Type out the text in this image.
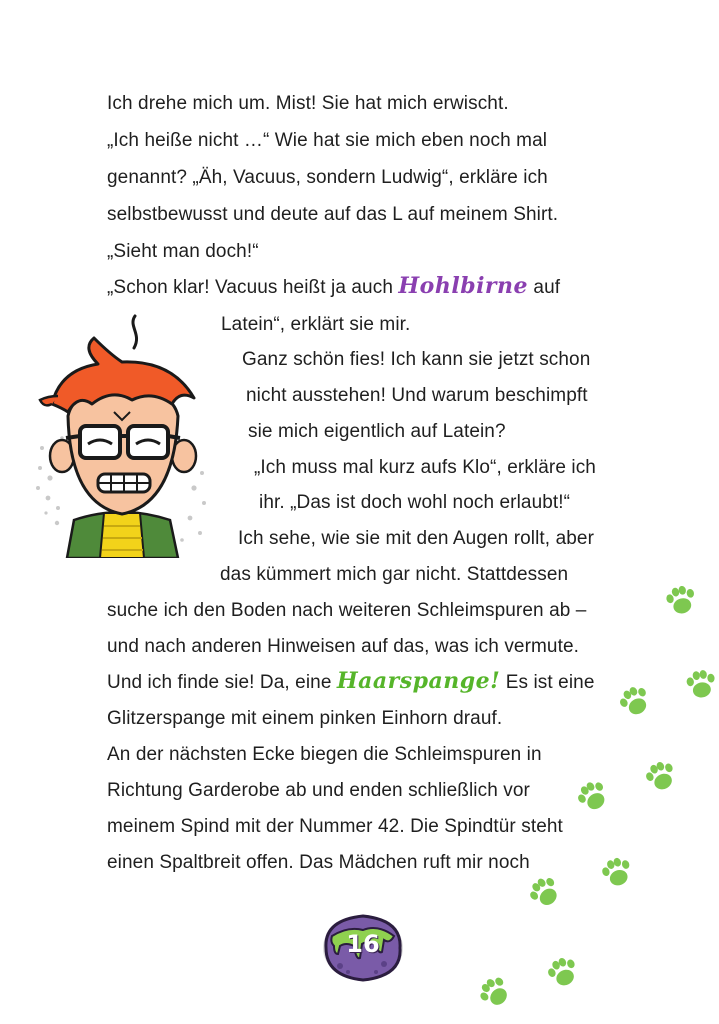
Ich drehe mich um. Mist! Sie hat mich erwischt.
„Ich heiße nicht …“ Wie hat sie mich eben noch mal
genannt? „Äh, Vacuus, sondern Ludwig“, erkläre ich
selbstbewusst und deute auf das L auf meinem Shirt.
„Sieht man doch!“
„Schon klar! Vacuus heißt ja auch Hohlbirne auf
Latein“, erklärt sie mir.
Ganz schön fies! Ich kann sie jetzt schon
nicht ausstehen! Und warum beschimpft
sie mich eigentlich auf Latein?
„Ich muss mal kurz aufs Klo“, erkläre ich
ihr. „Das ist doch wohl noch erlaubt!“
Ich sehe, wie sie mit den Augen rollt, aber
das kümmert mich gar nicht. Stattdessen
suche ich den Boden nach weiteren Schleimspuren ab –
und nach anderen Hinweisen auf das, was ich vermute.
Und ich finde sie! Da, eine Haarspange! Es ist eine
Glitzerspange mit einem pinken Einhorn drauf.
An der nächsten Ecke biegen die Schleimspuren in
Richtung Garderobe ab und enden schließlich vor
meinem Spind mit der Nummer 42. Die Spindtür steht
einen Spaltbreit offen. Das Mädchen ruft mir noch
16
